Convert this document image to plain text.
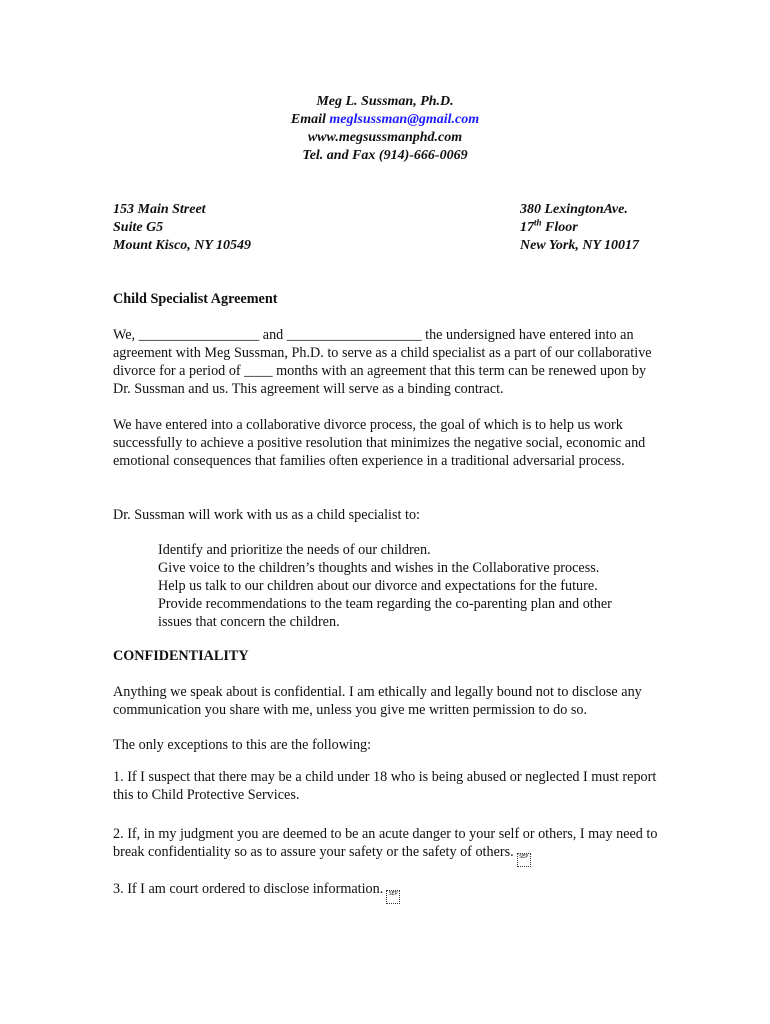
Meg L. Sussman, Ph.D.
Email meglsussman@gmail.com
www.megsussmanphd.com
Tel. and Fax (914)-666-0069
153 Main Street
Suite G5
Mount Kisco, NY 10549
380 LexingtonAve.
17th Floor
New York, NY 10017
Child Specialist Agreement

We, _________________ and ___________________ the undersigned have entered into an agreement with Meg Sussman, Ph.D. to serve as a child specialist as a part of our collaborative divorce for a period of ____ months with an agreement that this term can be renewed upon by Dr. Sussman and us. This agreement will serve as a binding contract.

We have entered into a collaborative divorce process, the goal of which is to help us work successfully to achieve a positive resolution that minimizes the negative social, economic and emotional consequences that families often experience in a traditional adversarial process.

Dr. Sussman will work with us as a child specialist to:
Identify and prioritize the needs of our children.
Give voice to the children’s thoughts and wishes in the Collaborative process.
Help us talk to our children about our divorce and expectations for the future.
Provide recommendations to the team regarding the co-parenting plan and other
issues that concern the children.
CONFIDENTIALITY

Anything we speak about is confidential. I am ethically and legally bound not to disclose any communication you share with me, unless you give me written permission to do so.

The only exceptions to this are the following:

1. If I suspect that there may be a child under 18 who is being abused or neglected I must report this to Child Protective Services.

2. If, in my judgment you are deemed to be an acute danger to your self or others, I may need to break confidentiality so as to assure your safety or the safety of others. SEP

3. If I am court ordered to disclose information. SEP
